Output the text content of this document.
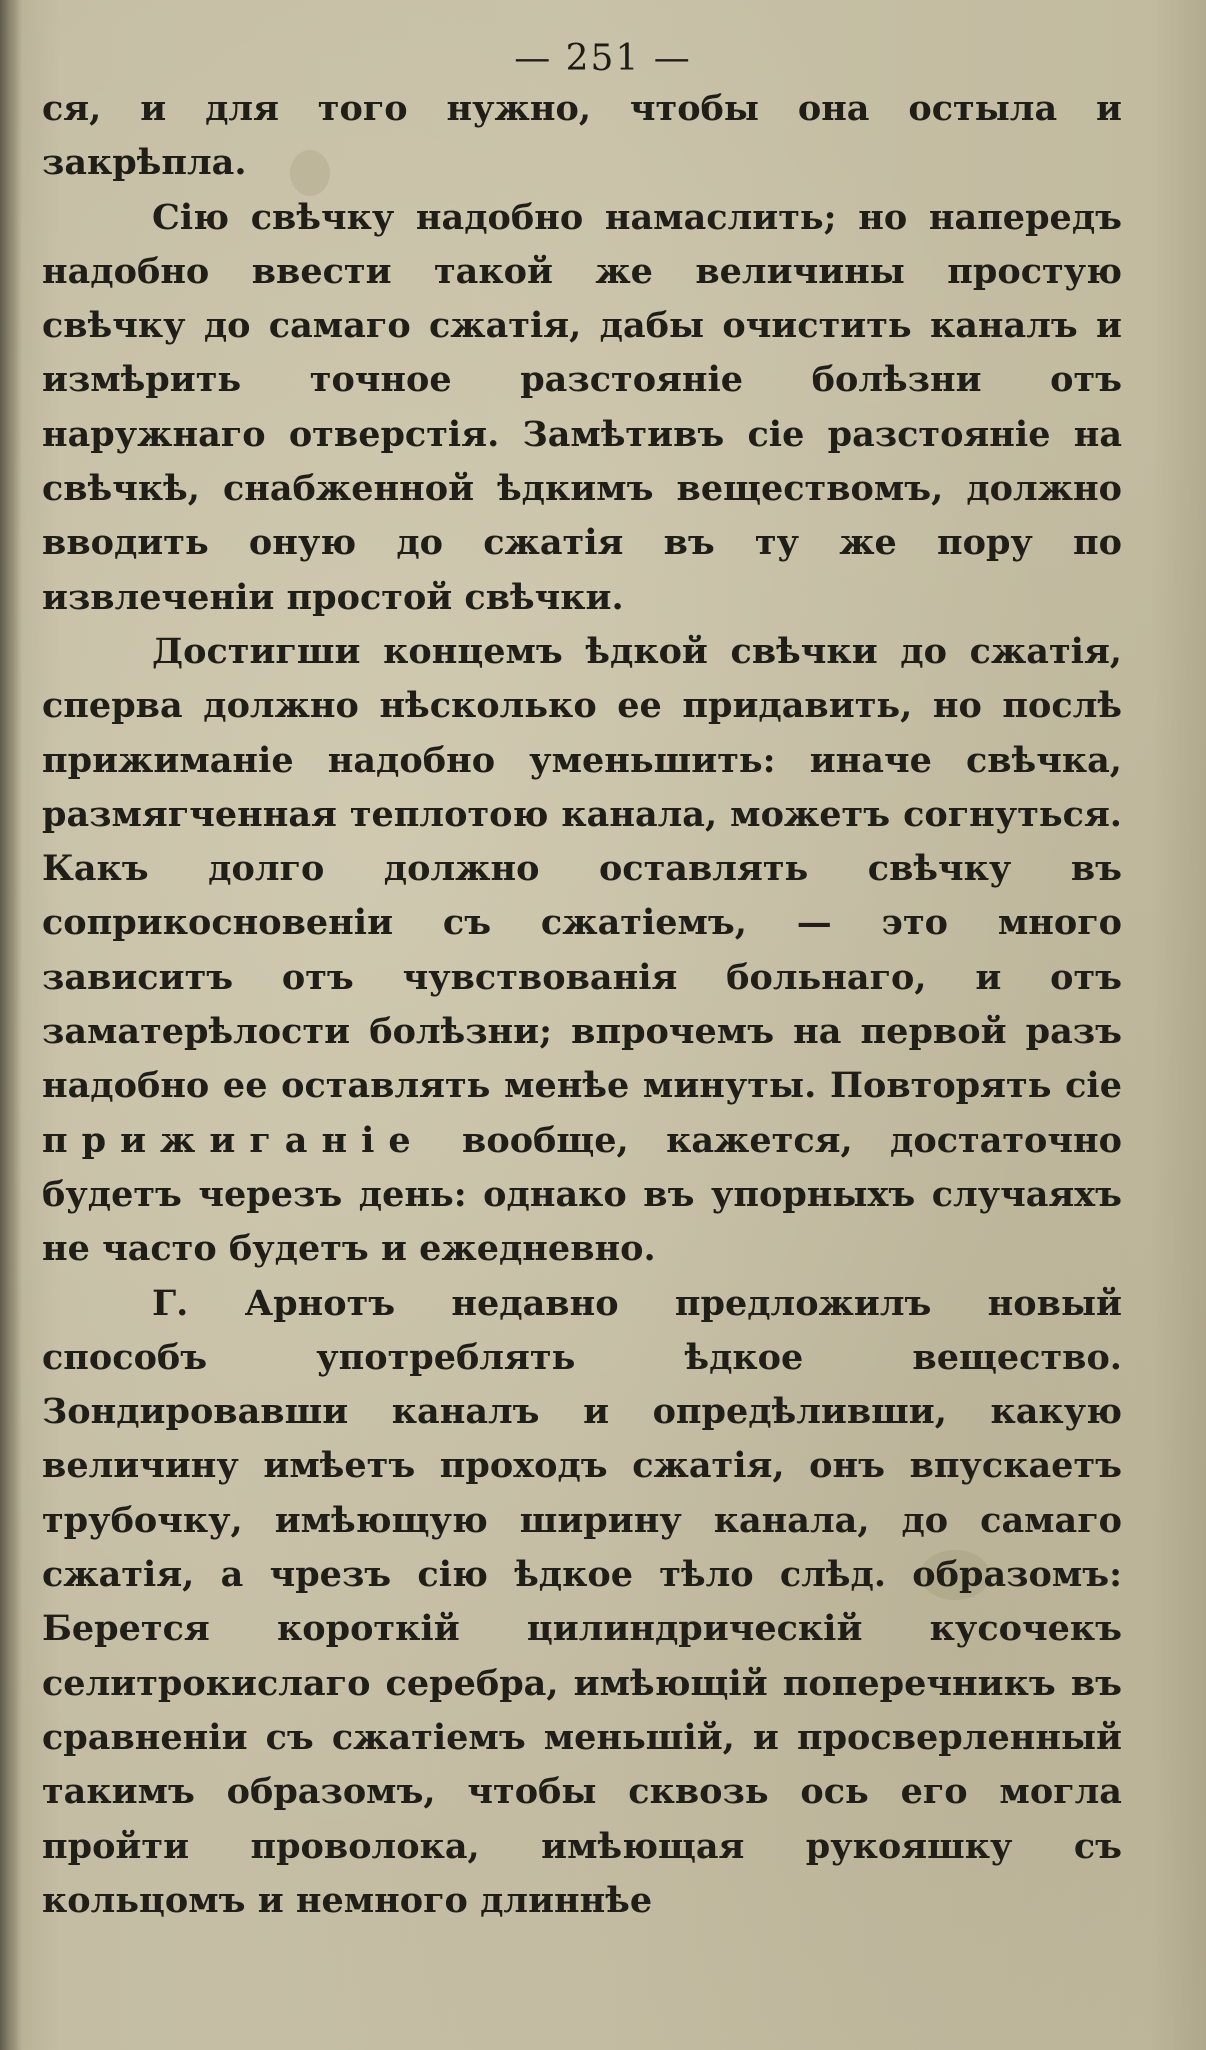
— 251 —

ся, и для того нужно, чтобы она остыла и закрѣпла.

Сію свѣчку надобно намаслить; но напередъ надобно ввести такой же величины простую свѣчку до самаго сжатія, дабы очистить каналъ и измѣрить точное разстояніе болѣзни отъ наружнаго отверстія. Замѣтивъ сіе разстояніе на свѣчкѣ, снабженной ѣдкимъ веществомъ, должно вводить оную до сжатія въ ту же пору по извлеченіи простой свѣчки.

Достигши концемъ ѣдкой свѣчки до сжатія, сперва должно нѣсколько ее придавить, но послѣ прижиманіе надобно уменьшить: иначе свѣчка, размягченная теплотою канала, можетъ согнуться. Какъ долго должно оставлять свѣчку въ соприкосновеніи съ сжатіемъ, — это много зависитъ отъ чувствованія больнаго, и отъ заматерѣлости болѣзни; впрочемъ на первой разъ надобно ее оставлять менѣе минуты. Повторять сіе прижиганіе вообще, кажется, достаточно будетъ черезъ день: однако въ упорныхъ случаяхъ не часто будетъ и ежедневно.

Г. Арнотъ недавно предложилъ новый способъ употреблять ѣдкое вещество. Зондировавши каналъ и опредѣливши, какую величину имѣетъ проходъ сжатія, онъ впускаетъ трубочку, имѣющую ширину канала, до самаго сжатія, а чрезъ сію ѣдкое тѣло слѣд. образомъ: Берется короткій цилиндрическій кусочекъ селитрокислаго серебра, имѣющій поперечникъ въ сравненіи съ сжатіемъ меньшій, и просверленный такимъ образомъ, чтобы сквозь ось его могла пройти проволока, имѣющая рукояшку съ кольцомъ и немного длиннѣе
